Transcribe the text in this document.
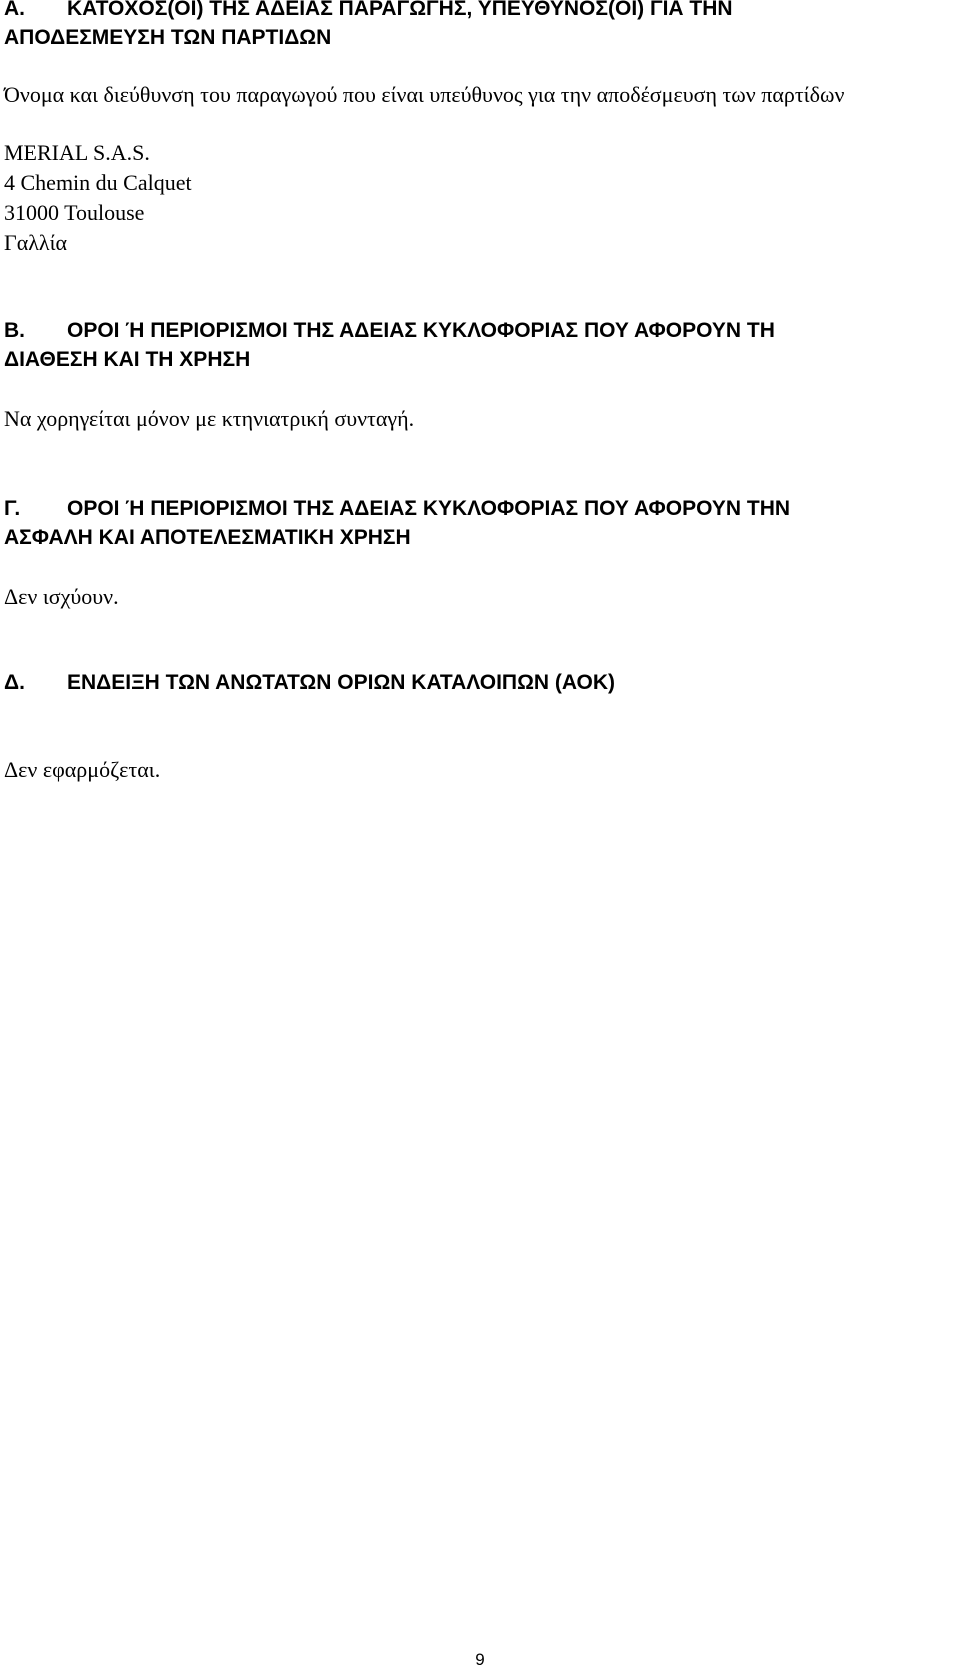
Α. ΚΑΤΟΧΟΣ(ΟΙ) ΤΗΣ ΑΔΕΙΑΣ ΠΑΡΑΓΩΓΗΣ, ΥΠΕΥΘΥΝΟΣ(ΟΙ) ΓΙΑ ΤΗΝ
ΑΠΟΔΕΣΜΕΥΣΗ ΤΩΝ ΠΑΡΤΙΔΩΝ
Όνομα και διεύθυνση του παραγωγού που είναι υπεύθυνος για την αποδέσμευση των παρτίδων
MERIAL S.A.S.
4 Chemin du Calquet
31000 Toulouse
Γαλλία
Β. ΟΡΟΙ Ή ΠΕΡΙΟΡΙΣΜΟΙ ΤΗΣ ΑΔΕΙΑΣ ΚΥΚΛΟΦΟΡΙΑΣ ΠΟΥ ΑΦΟΡΟΥΝ ΤΗ
ΔΙΑΘΕΣΗ ΚΑΙ ΤΗ ΧΡΗΣΗ
Να χορηγείται μόνον με κτηνιατρική συνταγή.
Γ. ΟΡΟΙ Ή ΠΕΡΙΟΡΙΣΜΟΙ ΤΗΣ ΑΔΕΙΑΣ ΚΥΚΛΟΦΟΡΙΑΣ ΠΟΥ ΑΦΟΡΟΥΝ ΤΗΝ
ΑΣΦΑΛΗ ΚΑΙ ΑΠΟΤΕΛΕΣΜΑΤΙΚΗ ΧΡΗΣΗ
Δεν ισχύουν.
Δ. ΕΝΔΕΙΞΗ ΤΩΝ ΑΝΩΤΑΤΩΝ ΟΡΙΩΝ ΚΑΤΑΛΟΙΠΩΝ (ΑΟΚ)
Δεν εφαρμόζεται.
9
